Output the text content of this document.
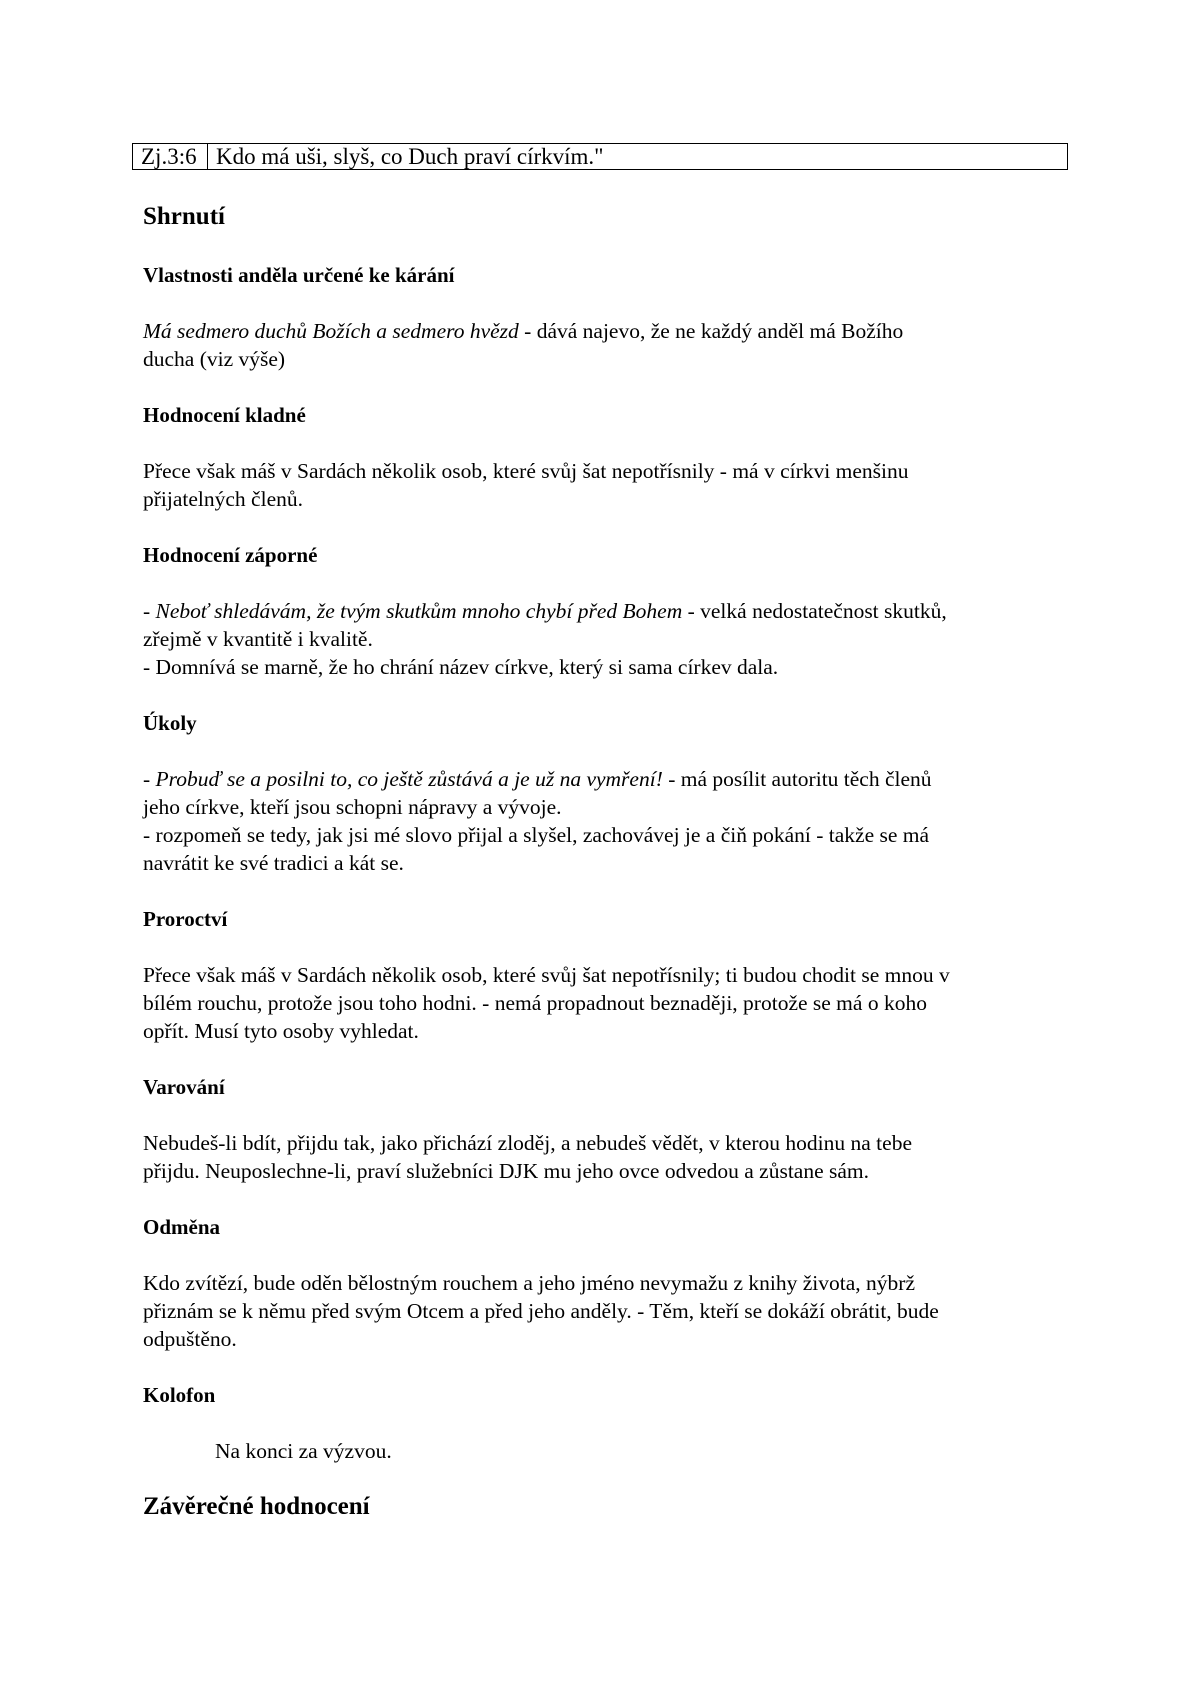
Zj.3:6	Kdo má uši, slyš, co Duch praví církvím."
Shrnutí
Vlastnosti anděla určené ke kárání

Má sedmero duchů Božích a sedmero hvězd - dává najevo, že ne každý anděl má Božího
ducha (viz výše)

Hodnocení kladné

Přece však máš v Sardách několik osob, které svůj šat nepotřísnily - má v církvi menšinu
přijatelných členů.

Hodnocení záporné

- Neboť shledávám, že tvým skutkům mnoho chybí před Bohem - velká nedostatečnost skutků,
zřejmě v kvantitě i kvalitě.
- Domnívá se marně, že ho chrání název církve, který si sama církev dala.

Úkoly

- Probuď se a posilni to, co ještě zůstává a je už na vymření! - má posílit autoritu těch členů
jeho církve, kteří jsou schopni nápravy a vývoje.
- rozpomeň se tedy, jak jsi mé slovo přijal a slyšel, zachovávej je a čiň pokání - takže se má
navrátit ke své tradici a kát se.

Proroctví

Přece však máš v Sardách několik osob, které svůj šat nepotřísnily; ti budou chodit se mnou v
bílém rouchu, protože jsou toho hodni. - nemá propadnout beznaději, protože se má o koho
opřít. Musí tyto osoby vyhledat.

Varování

Nebudeš-li bdít, přijdu tak, jako přichází zloděj, a nebudeš vědět, v kterou hodinu na tebe
přijdu. Neuposlechne-li, praví služebníci DJK mu jeho ovce odvedou a zůstane sám.

Odměna

Kdo zvítězí, bude oděn bělostným rouchem a jeho jméno nevymažu z knihy života, nýbrž
přiznám se k němu před svým Otcem a před jeho anděly. - Těm, kteří se dokáží obrátit, bude
odpuštěno.

Kolofon

Na konci za výzvou.

Závěrečné hodnocení
